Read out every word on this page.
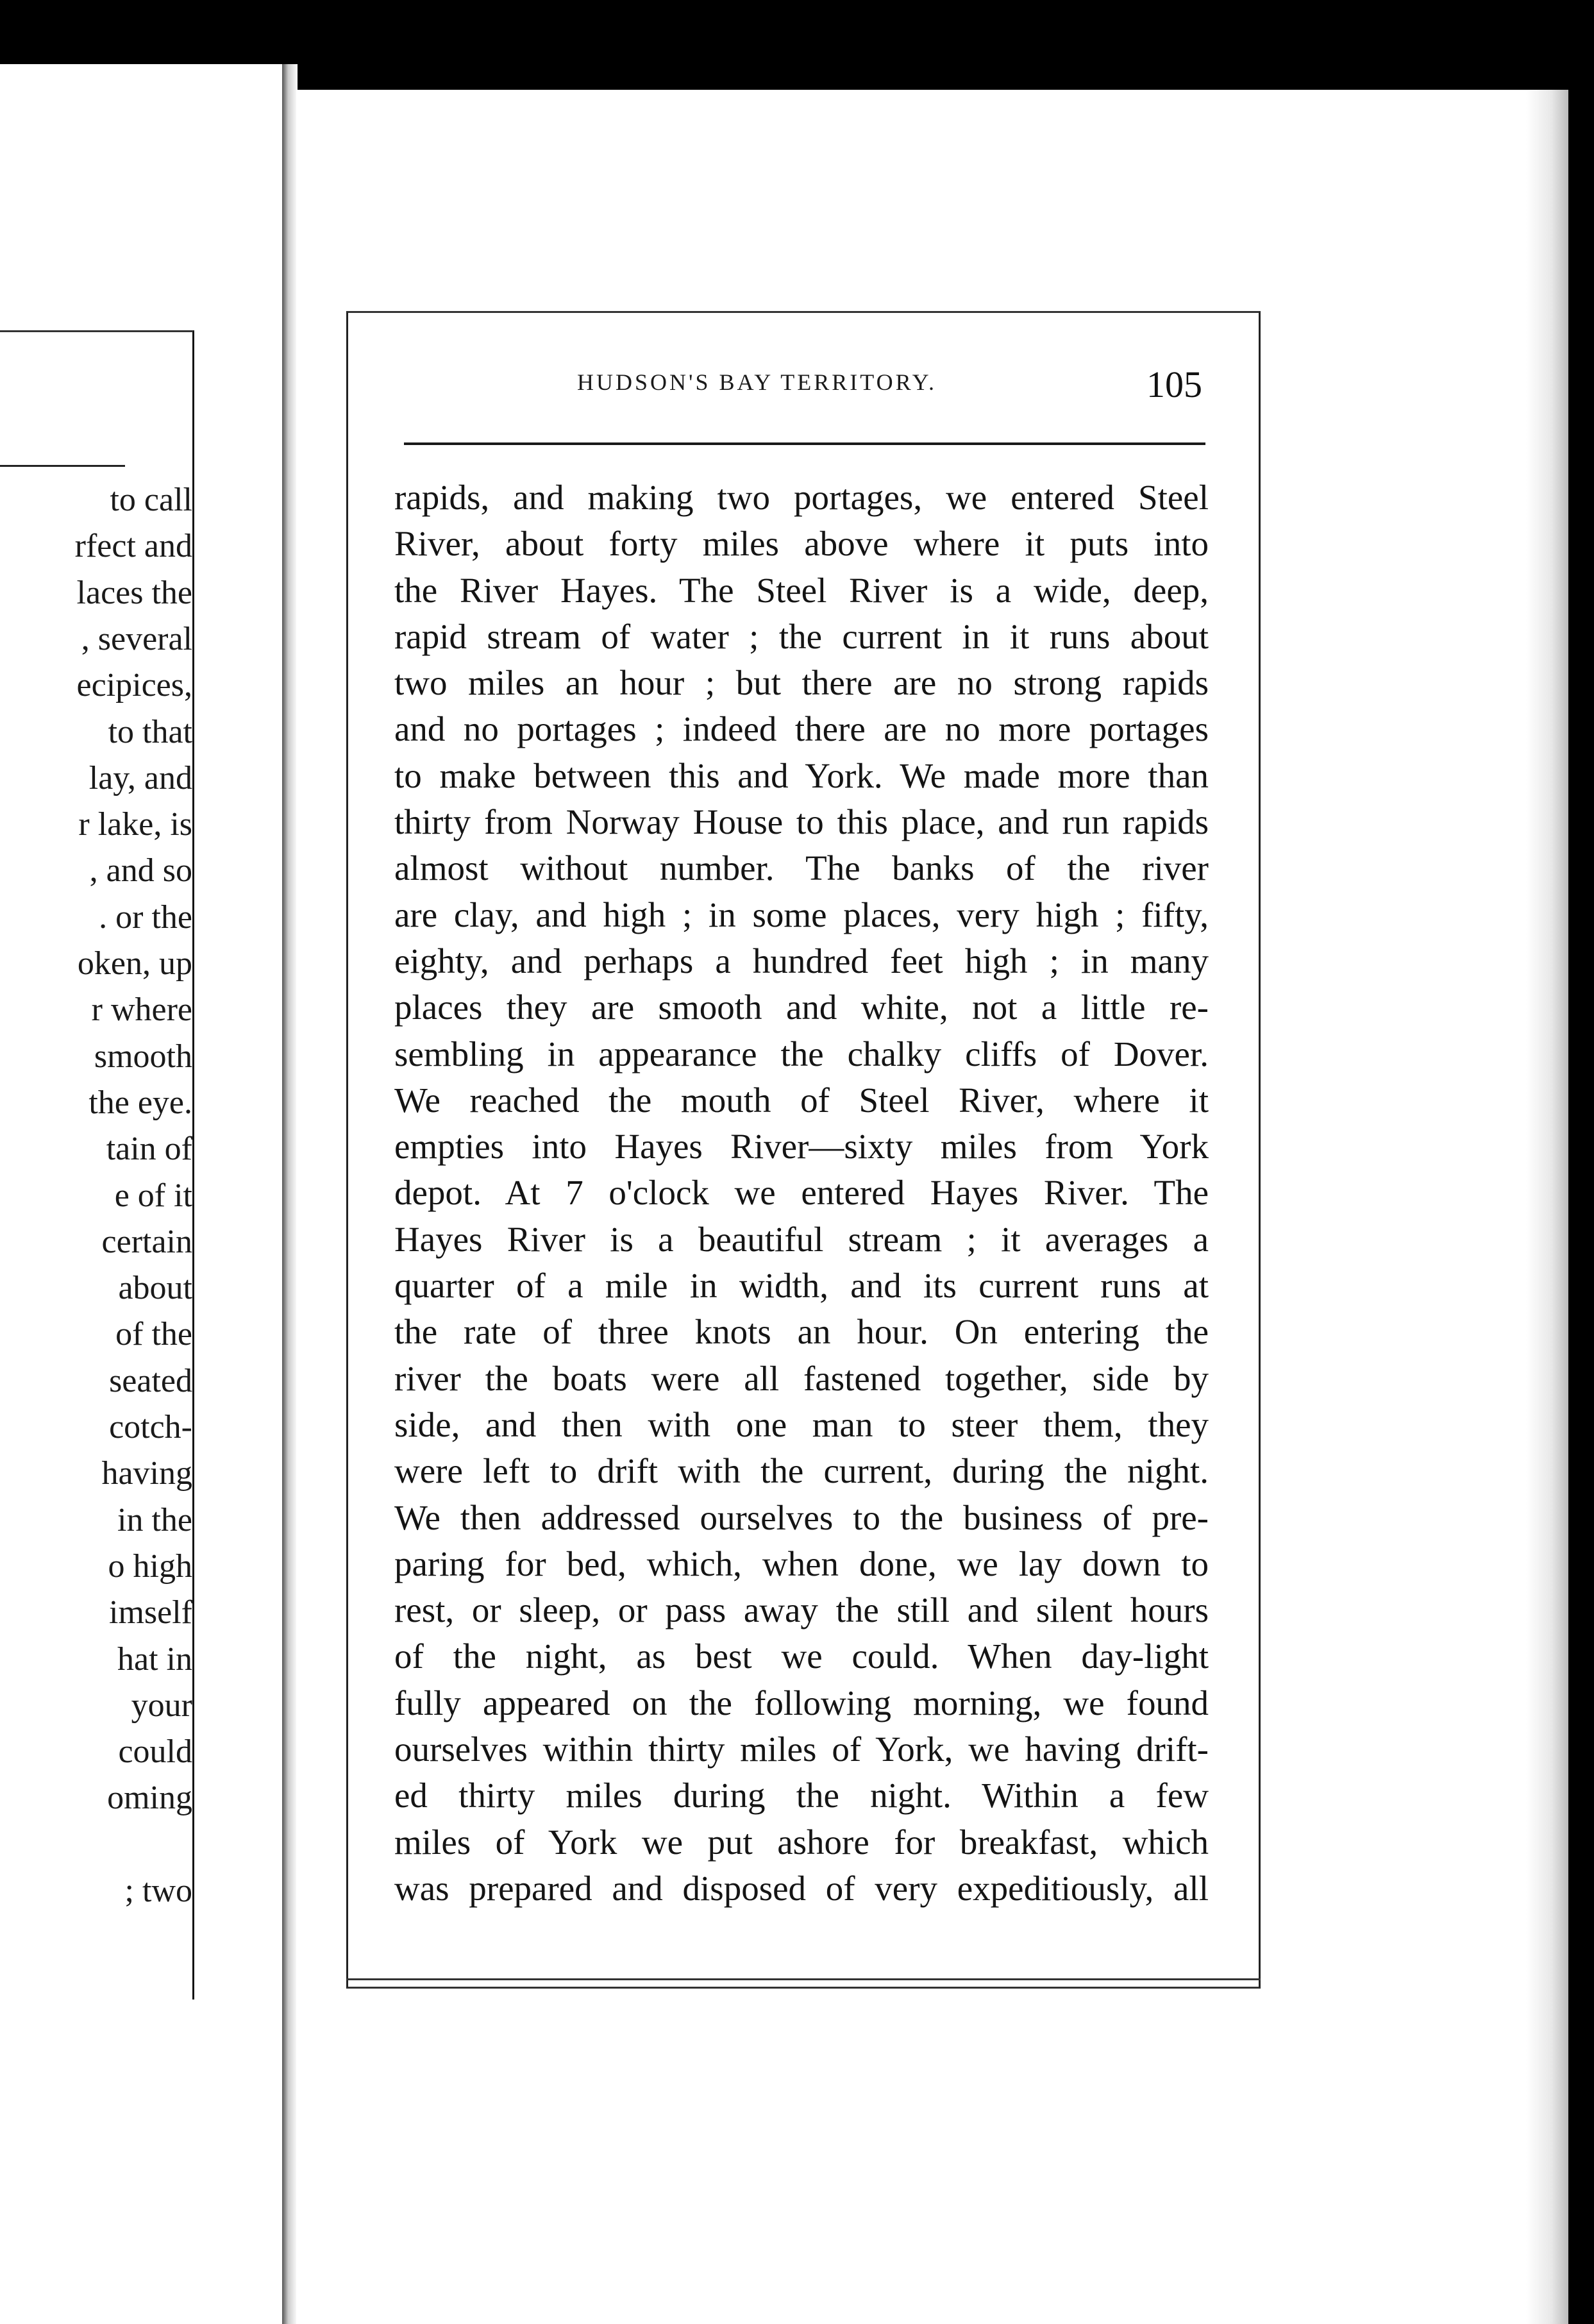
to call
rfect and
laces the
, several
ecipices,
to that
lay, and
r lake, is
, and so
. or the
oken, up
r where
smooth
the eye.
tain of
e of it
certain
about
of the
seated
cotch-
having
in the
o high
imself
hat in
your
could
oming
; two
HUDSON'S BAY TERRITORY.	105
rapids, and making two portages, we entered Steel
River, about forty miles above where it puts into
the River Hayes. The Steel River is a wide, deep,
rapid stream of water ; the current in it runs about
two miles an hour ; but there are no strong rapids
and no portages ; indeed there are no more portages
to make between this and York. We made more than
thirty from Norway House to this place, and run rapids
almost without number. The banks of the river
are clay, and high ; in some places, very high ; fifty,
eighty, and perhaps a hundred feet high ; in many
places they are smooth and white, not a little re-
sembling in appearance the chalky cliffs of Dover.
We reached the mouth of Steel River, where it
empties into Hayes River—sixty miles from York
depot. At 7 o'clock we entered Hayes River. The
Hayes River is a beautiful stream ; it averages a
quarter of a mile in width, and its current runs at
the rate of three knots an hour. On entering the
river the boats were all fastened together, side by
side, and then with one man to steer them, they
were left to drift with the current, during the night.
We then addressed ourselves to the business of pre-
paring for bed, which, when done, we lay down to
rest, or sleep, or pass away the still and silent hours
of the night, as best we could. When day-light
fully appeared on the following morning, we found
ourselves within thirty miles of York, we having drift-
ed thirty miles during the night. Within a few
miles of York we put ashore for breakfast, which
was prepared and disposed of very expeditiously, all
